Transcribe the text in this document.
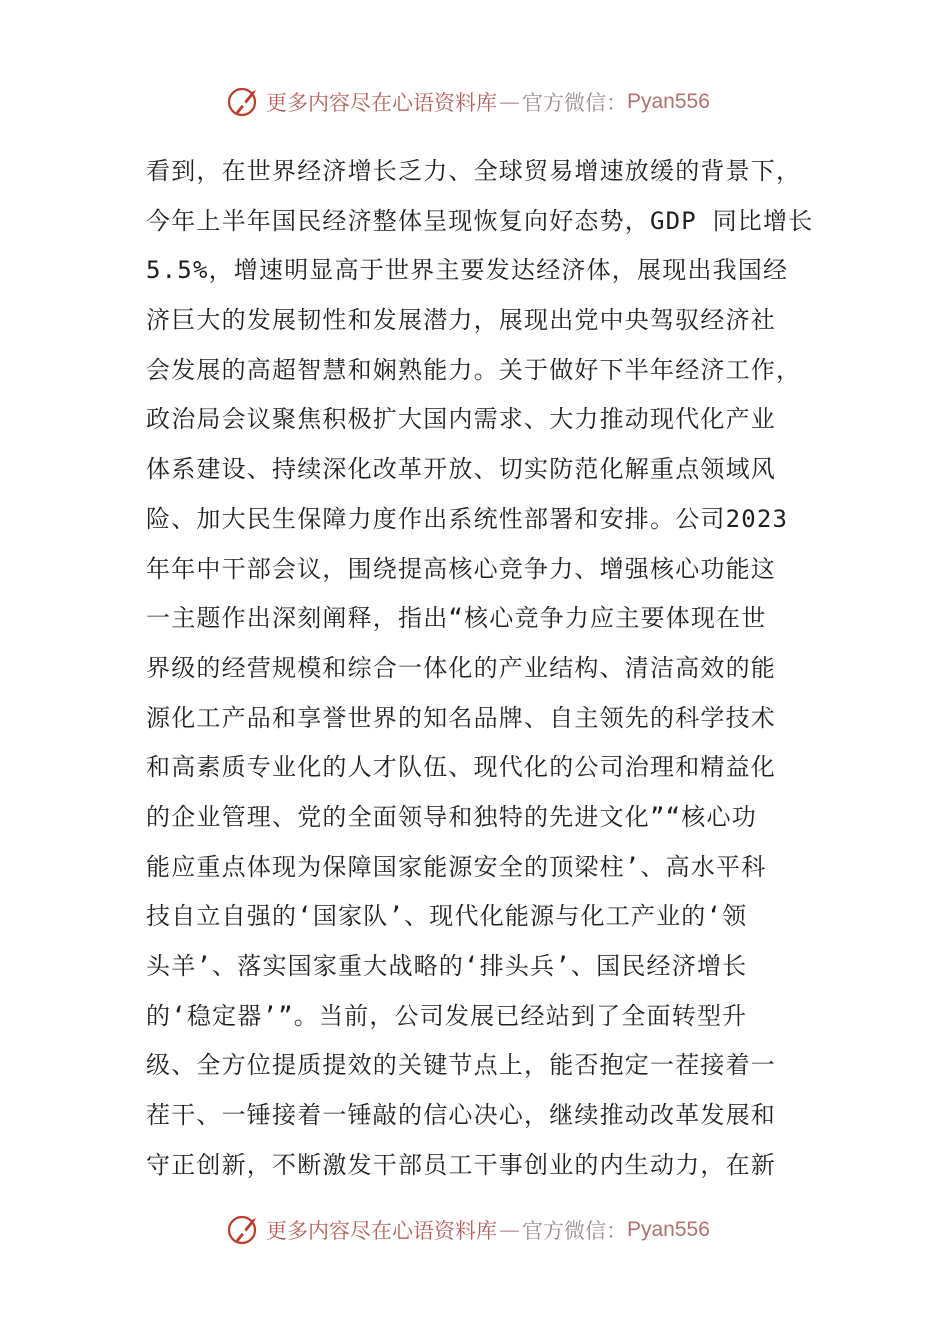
更多内容尽在心语资料库 — 官方微信： Pyan556
看到，在世界经济增长乏力、全球贸易增速放缓的背景下，
今年上半年国民经济整体呈现恢复向好态势，GDP 同比增长
5.5%，增速明显高于世界主要发达经济体，展现出我国经
济巨大的发展韧性和发展潜力，展现出党中央驾驭经济社
会发展的高超智慧和娴熟能力。关于做好下半年经济工作，
政治局会议聚焦积极扩大国内需求、大力推动现代化产业
体系建设、持续深化改革开放、切实防范化解重点领域风
险、加大民生保障力度作出系统性部署和安排。公司2023
年年中干部会议，围绕提高核心竞争力、增强核心功能这
一主题作出深刻阐释，指出“核心竞争力应主要体现在世
界级的经营规模和综合一体化的产业结构、清洁高效的能
源化工产品和享誉世界的知名品牌、自主领先的科学技术
和高素质专业化的人才队伍、现代化的公司治理和精益化
的企业管理、党的全面领导和独特的先进文化”“核心功
能应重点体现为保障国家能源安全的顶梁柱’、高水平科
技自立自强的‘国家队’、现代化能源与化工产业的‘领
头羊’、落实国家重大战略的‘排头兵’、国民经济增长
的‘稳定器’”。当前，公司发展已经站到了全面转型升
级、全方位提质提效的关键节点上，能否抱定一茬接着一
茬干、一锤接着一锤敲的信心决心，继续推动改革发展和
守正创新，不断激发干部员工干事创业的内生动力，在新
更多内容尽在心语资料库 — 官方微信： Pyan556
